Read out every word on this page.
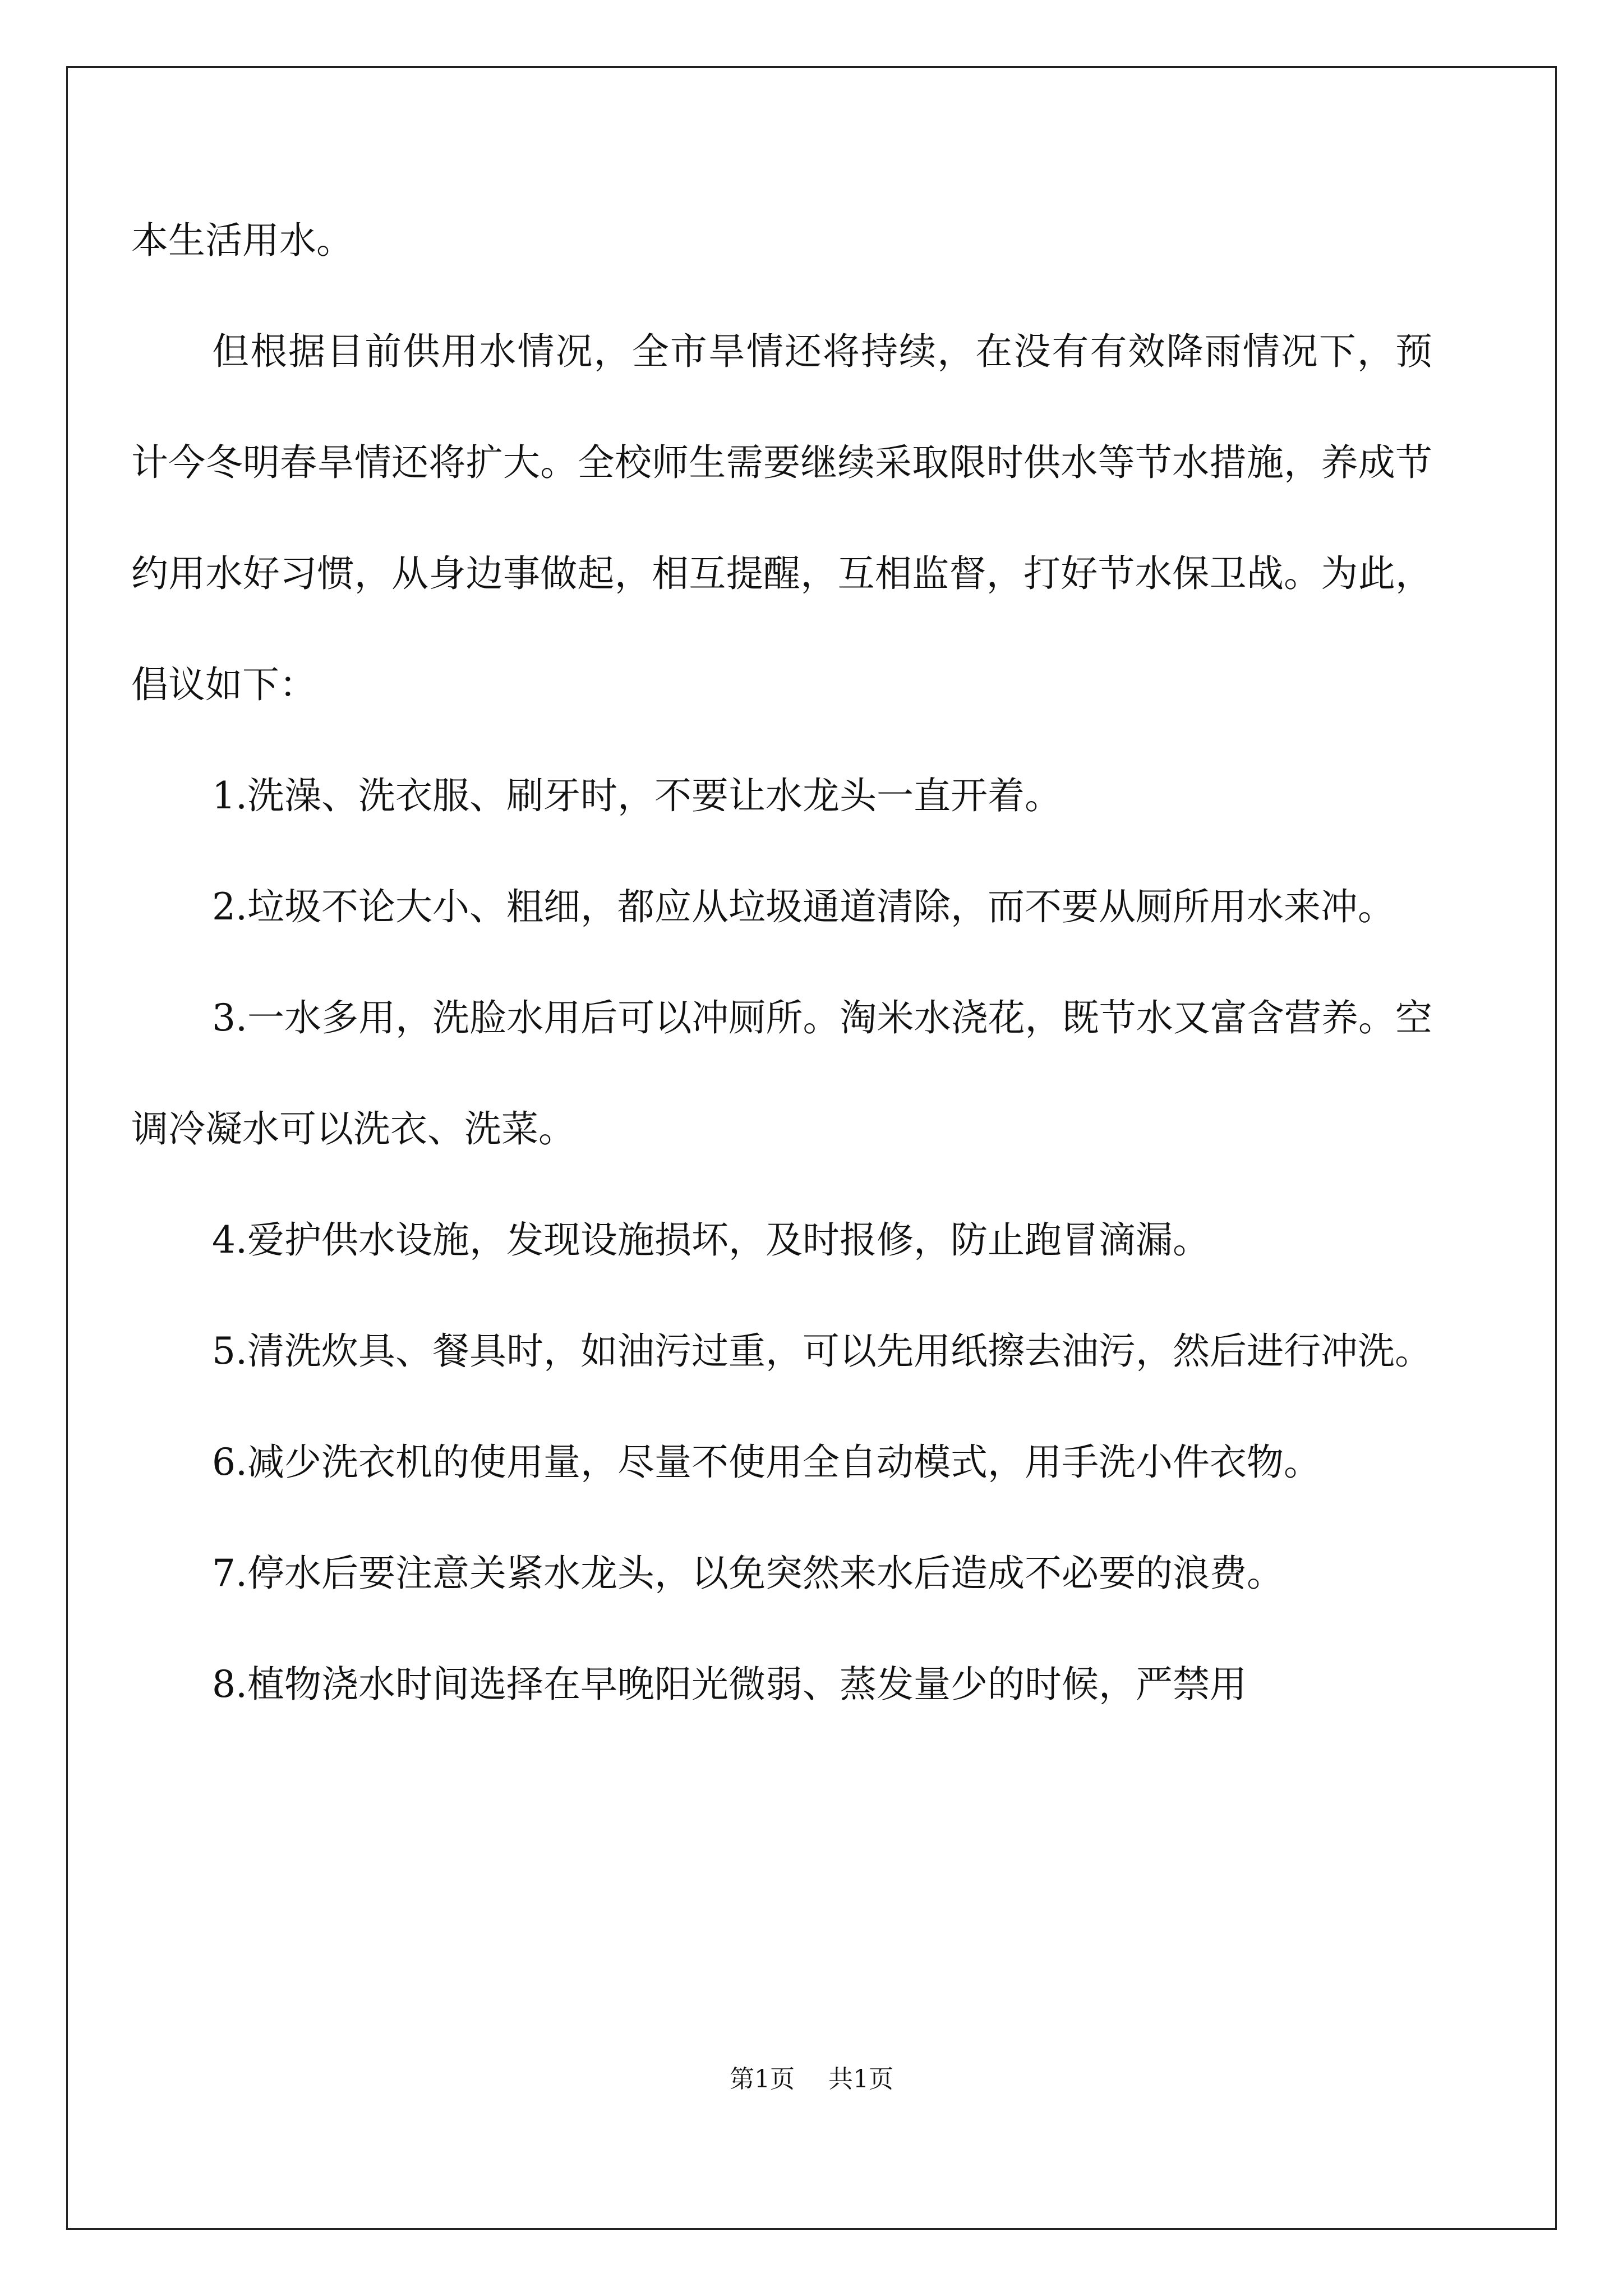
本生活用水。

但根据目前供用水情况，全市旱情还将持续，在没有有效降雨情况下，预计今冬明春旱情还将扩大。全校师生需要继续采取限时供水等节水措施，养成节约用水好习惯，从身边事做起，相互提醒，互相监督，打好节水保卫战。为此，倡议如下：

1.洗澡、洗衣服、刷牙时，不要让水龙头一直开着。

2.垃圾不论大小、粗细，都应从垃圾通道清除，而不要从厕所用水来冲。

3.一水多用，洗脸水用后可以冲厕所。淘米水浇花，既节水又富含营养。空调冷凝水可以洗衣、洗菜。

4.爱护供水设施，发现设施损坏，及时报修，防止跑冒滴漏。

5.清洗炊具、餐具时，如油污过重，可以先用纸擦去油污，然后进行冲洗。

6.减少洗衣机的使用量，尽量不使用全自动模式，用手洗小件衣物。

7.停水后要注意关紧水龙头，以免突然来水后造成不必要的浪费。

8.植物浇水时间选择在早晚阳光微弱、蒸发量少的时候，严禁用

第1页 共1页
